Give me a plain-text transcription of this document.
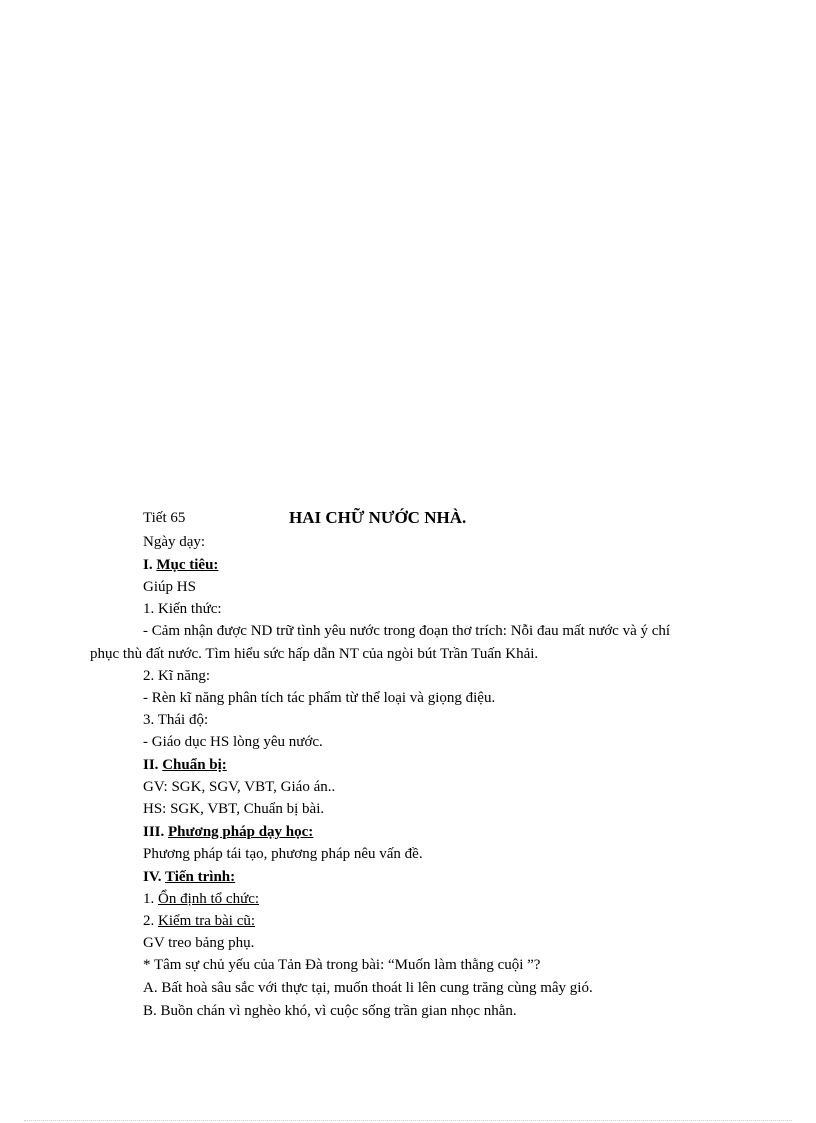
Tiết 65	HAI CHỮ NƯỚC NHÀ.
Ngày dạy:
I. Mục tiêu:
Giúp HS
1. Kiến thức:
- Cảm nhận được ND trữ tình yêu nước trong đoạn thơ trích: Nỗi đau mất nước và ý chí phục thù đất nước. Tìm hiểu sức hấp dẫn NT của ngòi bút Trần Tuấn Khải.
2. Kĩ năng:
- Rèn kĩ năng phân tích tác phẩm từ thể loại và giọng điệu.
3. Thái độ:
- Giáo dục HS lòng yêu nước.
II. Chuẩn bị:
GV: SGK, SGV, VBT, Giáo án..
HS: SGK, VBT, Chuẩn bị bài.
III. Phương pháp dạy học:
Phương pháp tái tạo, phương pháp nêu vấn đề.
IV. Tiến trình:
1. Ổn định tổ chức:
2. Kiểm tra bài cũ:
GV treo bảng phụ.
* Tâm sự chủ yếu của Tản Đà trong bài: “Muốn làm thằng cuội ”?
A. Bất hoà sâu sắc với thực tại, muốn thoát li lên cung trăng cùng mây gió.
B. Buồn chán vì nghèo khó, vì cuộc sống trần gian nhọc nhằn.
